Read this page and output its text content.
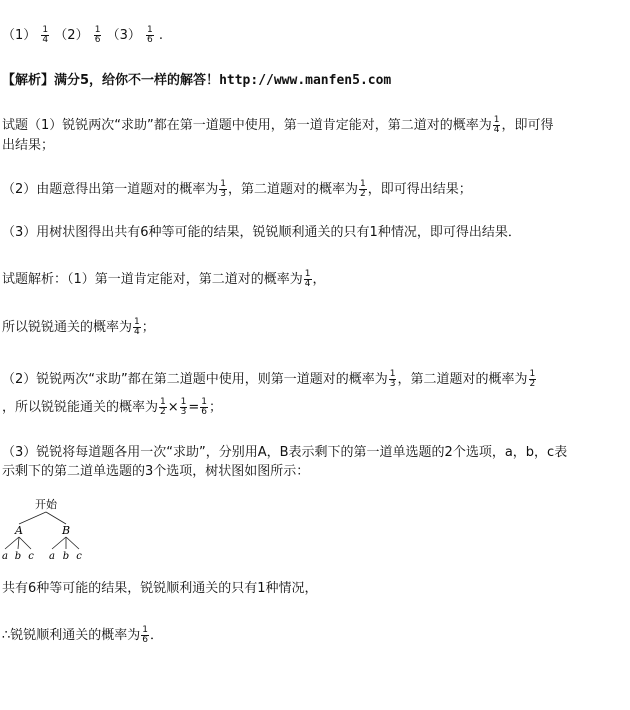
$(1) \frac{1}{4} (2) \frac{1}{6} (3) \frac{1}{6}$ .
【解析】满分5，给你不一样的解答！http://www.manfen5.com
试题（1）锐锐两次“求助”都在第一道题中使用，第一道肯定能对，第二道对的概率为 $\frac{1}{4}$ ，即可得
出结果；
（2）由题意得出第一道题对的概率为 $\frac{1}{3}$ ，第二道题对的概率为 $\frac{1}{2}$ ，即可得出结果；
（3）用树状图得出共有6种等可能的结果，锐锐顺利通关的只有1种情况，即可得出结果．
试题解析：（1）第一道肯定能对，第二道对的概率为 $\frac{1}{4}$ ，
所以锐锐通关的概率为 $\frac{1}{4}$ ；
（2）锐锐两次“求助”都在第二道题中使用，则第一道题对的概率为 $\frac{1}{3}$ ，第二道题对的概率为 $\frac{1}{2}$
，所以锐锐能通关的概率为 $\frac{1}{2} \times \frac{1}{3} = \frac{1}{6}$ ；
（3）锐锐将每道题各用一次“求助”，分别用A，B表示剩下的第一道单选题的2个选项，a，b，c表
示剩下的第二道单选题的3个选项，树状图如图所示：
开始
A	B
a b c a b c
共有6种等可能的结果，锐锐顺利通关的只有1种情况，
∴锐锐顺利通关的概率为 $\frac{1}{6}$ ．
